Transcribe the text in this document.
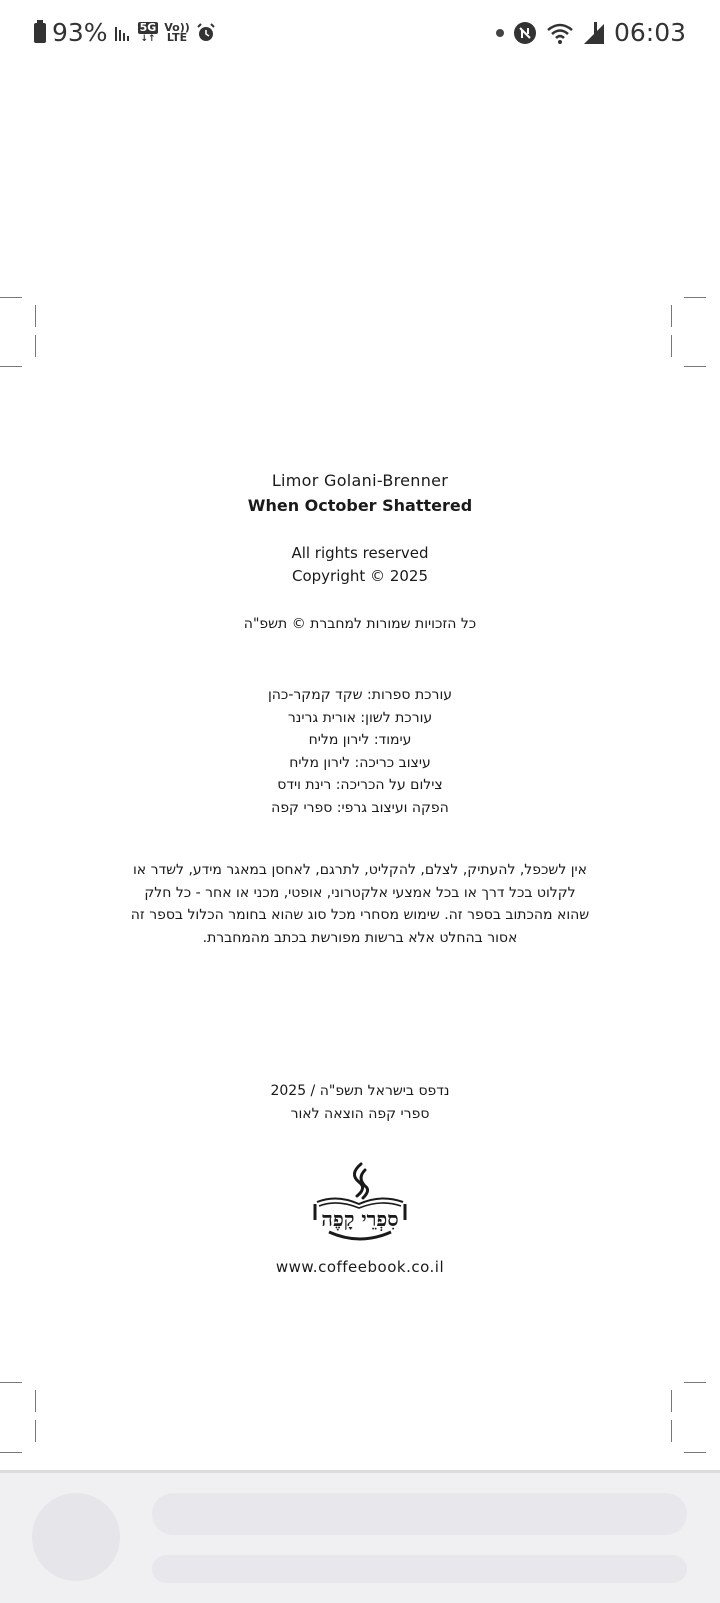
93%	5G
↓↑
Vo))
LTE	06:03
Limor Golani-Brenner
When October Shattered
All rights reserved
Copyright © 2025
כל הזכויות שמורות למחברת © תשפ"ה
עורכת ספרות: שקד קמקר-כהן
עורכת לשון: אורית גרינר
עימוד: לירון מליח
עיצוב כריכה: לירון מליח
צילום על הכריכה: רינת וידס
הפקה ועיצוב גרפי: ספרי קפה
אין לשכפל, להעתיק, לצלם, להקליט, לתרגם, לאחסן במאגר מידע, לשדר או לקלוט בכל דרך או בכל אמצעי אלקטרוני, אופטי, מכני או אחר - כל חלק שהוא מהכתוב בספר זה. שימוש מסחרי מכל סוג שהוא בחומר הכלול בספר זה אסור בהחלט אלא ברשות מפורשת בכתב מהמחברת.
נדפס בישראל תשפ"ה / 2025
ספרי קפה הוצאה לאור
סִפְרֵי קָפֶה
www.coffeebook.co.il
